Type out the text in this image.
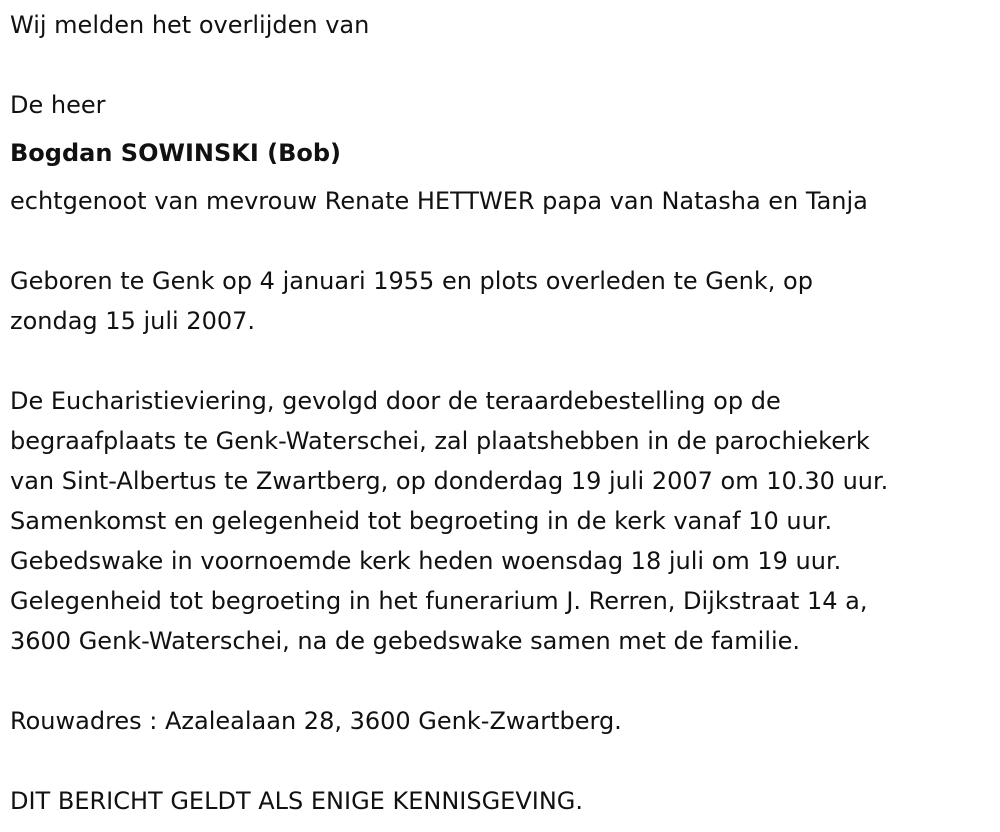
Wij melden het overlijden van
De heer
Bogdan SOWINSKI (Bob)
echtgenoot van mevrouw Renate HETTWER papa van Natasha en Tanja
Geboren te Genk op 4 januari 1955 en plots overleden te Genk, op
zondag 15 juli 2007.
De Eucharistieviering, gevolgd door de teraardebestelling op de
begraafplaats te Genk-Waterschei, zal plaatshebben in de parochiekerk
van Sint-Albertus te Zwartberg, op donderdag 19 juli 2007 om 10.30 uur.
Samenkomst en gelegenheid tot begroeting in de kerk vanaf 10 uur.
Gebedswake in voornoemde kerk heden woensdag 18 juli om 19 uur.
Gelegenheid tot begroeting in het funerarium J. Rerren, Dijkstraat 14 a,
3600 Genk-Waterschei, na de gebedswake samen met de familie.
Rouwadres : Azalealaan 28, 3600 Genk-Zwartberg.
DIT BERICHT GELDT ALS ENIGE KENNISGEVING.
